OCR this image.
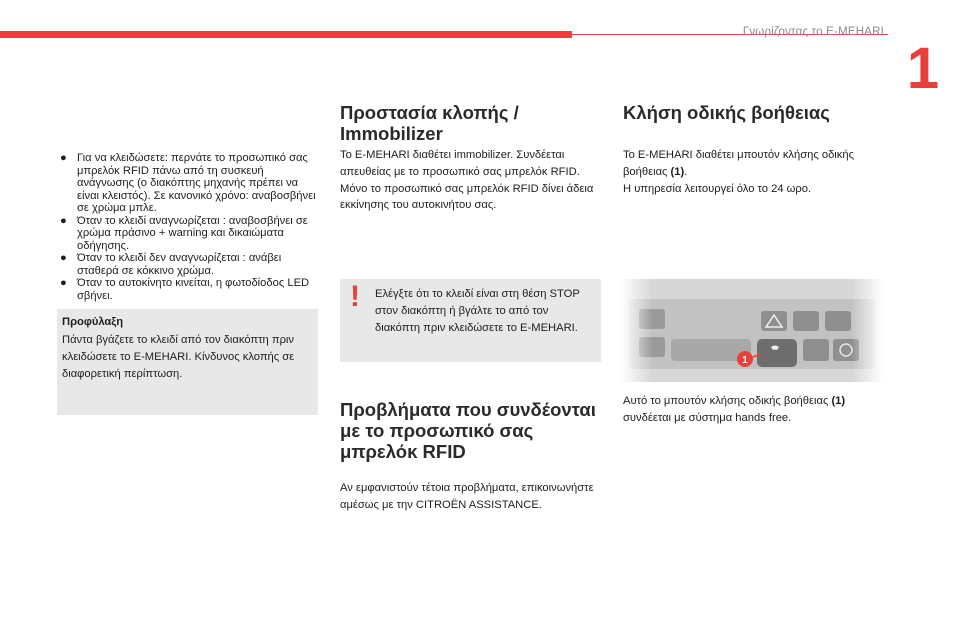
Γνωρίζοντας το E-MEHARI
1

● Για να κλειδώσετε: περνάτε το προσωπικό σας μπρελόκ RFID πάνω από τη συσκευή ανάγνωσης (ο διακόπτης μηχανής πρέπει να είναι κλειστός). Σε κανονικό χρόνο: αναβοσβήνει σε χρώμα μπλε.

● Όταν το κλειδί αναγνωρίζεται : αναβοσβήνει σε χρώμα πράσινο + warning και δικαιώματα οδήγησης.

● Όταν το κλειδί δεν αναγνωρίζεται : ανάβει σταθερά σε κόκκινο χρώμα.

● Όταν το αυτοκίνητο κινείται, η φωτοδίοδος LED σβήνει.

Προφύλαξη
Πάντα βγάζετε το κλειδί από τον διακόπτη πριν κλειδώσετε το E-MEHARI. Κίνδυνος κλοπής σε διαφορετική περίπτωση.
Προστασία κλοπής / Immobilizer
Το E-MEHARI διαθέτει immobilizer. Συνδέεται απευθείας με το προσωπικό σας μπρελόκ RFID. Μόνο το προσωπικό σας μπρελόκ RFID δίνει άδεια εκκίνησης του αυτοκινήτου σας.
! Ελέγξτε ότι το κλειδί είναι στη θέση STOP στον διακόπτη ή βγάλτε το από τον διακόπτη πριν κλειδώσετε το E-MEHARI.
Προβλήματα που συνδέονται με το προσωπικό σας μπρελόκ RFID
Αν εμφανιστούν τέτοια προβλήματα, επικοινωνήστε αμέσως με την CITROËN ASSISTANCE.
Κλήση οδικής βοήθειας
Το E-MEHARI διαθέτει μπουτόν κλήσης οδικής βοήθειας (1).
Η υπηρεσία λειτουργεί όλο το 24 ωρο.
1
Αυτό το μπουτόν κλήσης οδικής βοήθειας (1) συνδέεται με σύστημα hands free.
